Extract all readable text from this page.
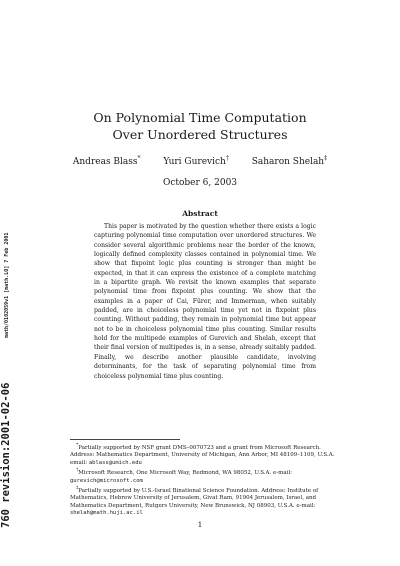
math/0102059v1 [math.LO] 7 Feb 2001
760 revision:2001-02-06
On Polynomial Time Computation
Over Unordered Structures
Andreas Blass*	Yuri Gurevich†	Saharon Shelah‡
October 6, 2003
Abstract
This paper is motivated by the question whether there exists a logic capturing polynomial time computation over unordered structures. We consider several algorithmic problems near the border of the known, logically defined complexity classes contained in polynomial time. We show that fixpoint logic plus counting is stronger than might be expected, in that it can express the existence of a complete matching in a bipartite graph. We revisit the known examples that separate polynomial time from fixpoint plus counting. We show that the examples in a paper of Cai, Fürer, and Immerman, when suitably padded, are in choiceless polynomial time yet not in fixpoint plus counting. Without padding, they remain in polynomial time but appear not to be in choiceless polynomial time plus counting. Similar results hold for the multipede examples of Gurevich and Shelah, except that their final version of multipedes is, in a sense, already suitably padded. Finally, we describe another plausible candidate, involving determinants, for the task of separating polynomial time from choiceless polynomial time plus counting.

*Partially supported by NSF grant DMS–0070723 and a grant from Microsoft Research. Address: Mathematics Department, University of Michigan, Ann Arbor, MI 48109–1109, U.S.A. email: ablass@umich.edu

†Microsoft Research, One Microsoft Way, Redmond, WA 98052, U.S.A. e-mail: gurevich@microsoft.com

‡Partially supported by U.S.-Israel Binational Science Foundation. Address: Institute of Mathematics, Hebrew University of Jerusalem, Givat Ram, 91904 Jerusalem, Israel, and Mathematics Department, Rutgers University, New Brunswick, NJ 08903, U.S.A. e-mail: shelah@math.huji.ac.il

1
